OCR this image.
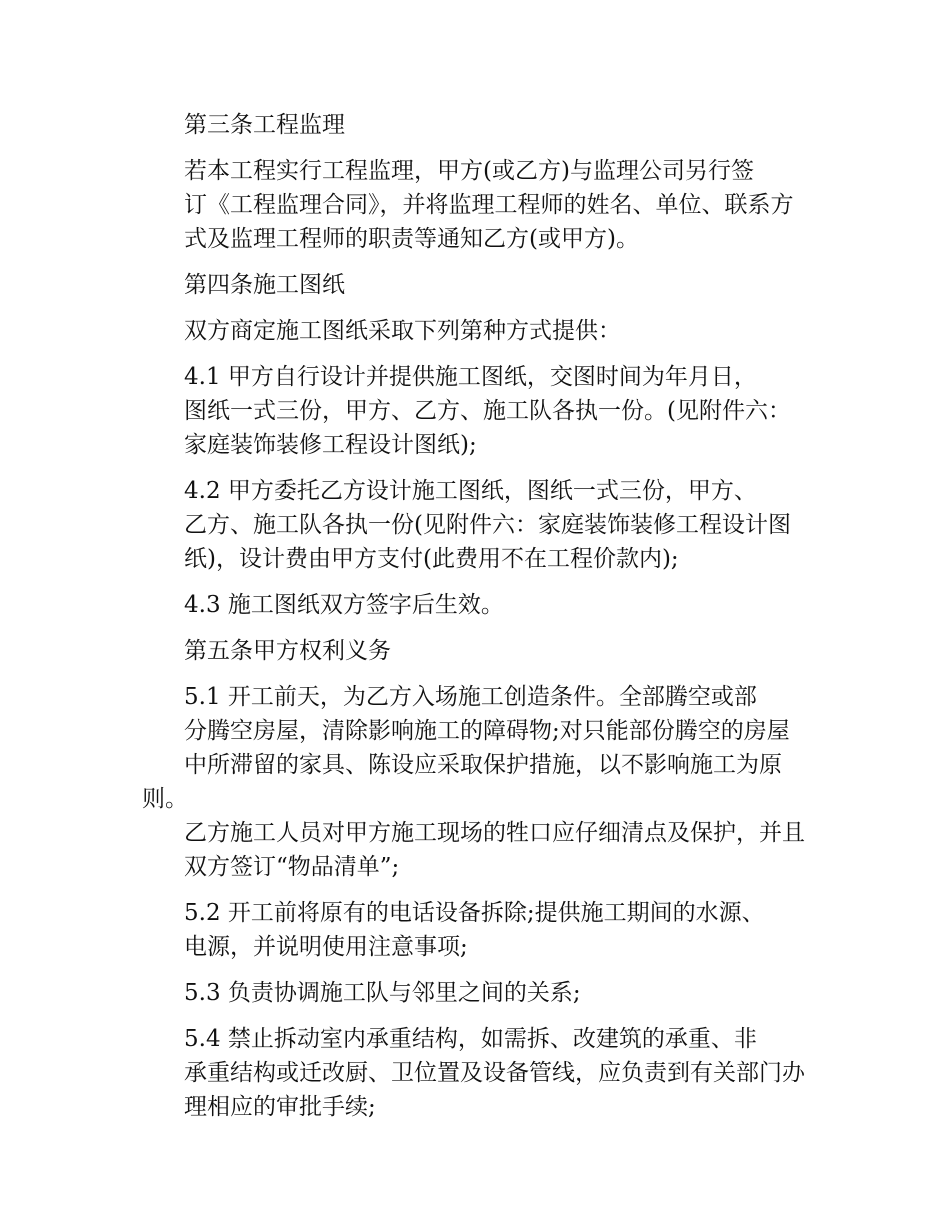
第三条工程监理

若本工程实行工程监理，甲方(或乙方)与监理公司另行签
订《工程监理合同》，并将监理工程师的姓名、单位、联系方
式及监理工程师的职责等通知乙方(或甲方)。

第四条施工图纸

双方商定施工图纸采取下列第种方式提供：

4.1 甲方自行设计并提供施工图纸，交图时间为年月日，
图纸一式三份，甲方、乙方、施工队各执一份。(见附件六：
家庭装饰装修工程设计图纸);

4.2 甲方委托乙方设计施工图纸，图纸一式三份，甲方、
乙方、施工队各执一份(见附件六：家庭装饰装修工程设计图
纸)，设计费由甲方支付(此费用不在工程价款内);

4.3 施工图纸双方签字后生效。

第五条甲方权利义务

5.1 开工前天，为乙方入场施工创造条件。全部腾空或部
分腾空房屋，清除影响施工的障碍物;对只能部份腾空的房屋
中所滞留的家具、陈设应采取保护措施，以不影响施工为原则。
乙方施工人员对甲方施工现场的牲口应仔细清点及保护，并且
双方签订“物品清单”;

5.2 开工前将原有的电话设备拆除;提供施工期间的水源、
电源，并说明使用注意事项;

5.3 负责协调施工队与邻里之间的关系;

5.4 禁止拆动室内承重结构，如需拆、改建筑的承重、非
承重结构或迁改厨、卫位置及设备管线，应负责到有关部门办
理相应的审批手续;
